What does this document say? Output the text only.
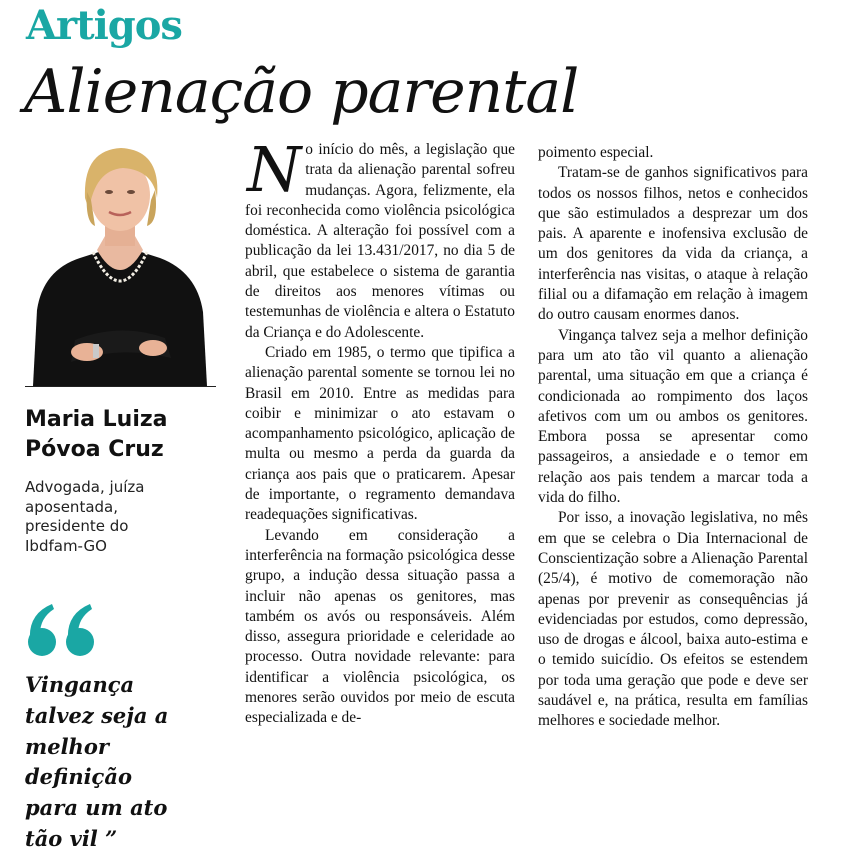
Artigos
Alienação parental
Maria Luiza
Póvoa Cruz
Advogada, juíza
aposentada,
presidente do
Ibdfam-GO
Vingança
talvez seja a
melhor
definição
para um ato
tão vil ”

No início do mês, a legislação que trata da alienação parental sofreu mudanças. Agora, felizmente, ela foi reconhecida como violência psicológica doméstica. A alteração foi possível com a publicação da lei 13.431/2017, no dia 5 de abril, que estabelece o sistema de garantia de direitos aos menores vítimas ou testemunhas de violência e altera o Estatuto da Criança e do Adolescente.

Criado em 1985, o termo que tipifica a alienação parental somente se tornou lei no Brasil em 2010. Entre as medidas para coibir e minimizar o ato estavam o acompanhamento psicológico, aplicação de multa ou mesmo a perda da guarda da criança aos pais que o praticarem. Apesar de importante, o regramento demandava readequações significativas.

Levando em consideração a interferência na formação psicológica desse grupo, a indução dessa situação passa a incluir não apenas os genitores, mas também os avós ou responsáveis. Além disso, assegura prioridade e celeridade ao processo. Outra novidade relevante: para identificar a violência psicológica, os menores serão ouvidos por meio de escuta especializada e de-

poimento especial.

Tratam-se de ganhos significativos para todos os nossos filhos, netos e conhecidos que são estimulados a desprezar um dos pais. A aparente e inofensiva exclusão de um dos genitores da vida da criança, a interferência nas visitas, o ataque à relação filial ou a difamação em relação à imagem do outro causam enormes danos.

Vingança talvez seja a melhor definição para um ato tão vil quanto a alienação parental, uma situação em que a criança é condicionada ao rompimento dos laços afetivos com um ou ambos os genitores. Embora possa se apresentar como passageiros, a ansiedade e o temor em relação aos pais tendem a marcar toda a vida do filho.

Por isso, a inovação legislativa, no mês em que se celebra o Dia Internacional de Conscientização sobre a Alienação Parental (25/4), é motivo de comemoração não apenas por prevenir as consequências já evidenciadas por estudos, como depressão, uso de drogas e álcool, baixa auto-estima e o temido suicídio. Os efeitos se estendem por toda uma geração que pode e deve ser saudável e, na prática, resulta em famílias melhores e sociedade melhor.
